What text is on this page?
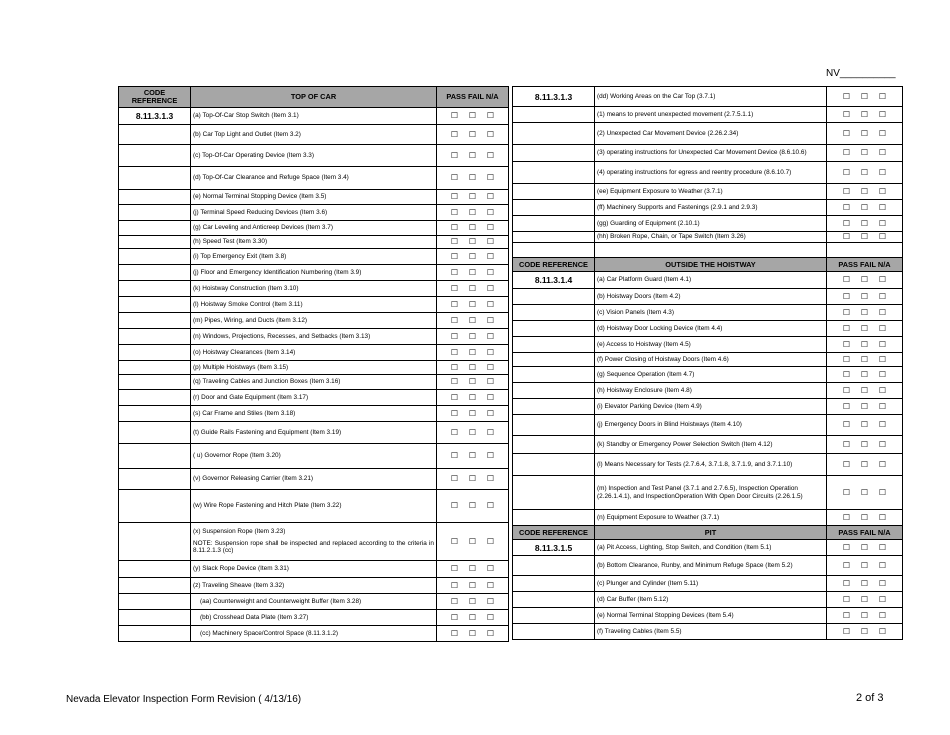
NV__________
CODE REFERENCE	TOP OF CAR	PASS FAIL N/A
8.11.3.1.3	(a) Top-Of-Car Stop Switch (Item 3.1)	☐ ☐ ☐
	(b) Car Top Light and Outlet (Item 3.2)	☐ ☐ ☐
	(c) Top-Of-Car Operating Device (Item 3.3)	☐ ☐ ☐
	(d) Top-Of-Car Clearance and Refuge Space (Item 3.4)	☐ ☐ ☐
	(e) Normal Terminal Stopping Device (Item 3.5)	☐ ☐ ☐
	(j) Terminal Speed Reducing Devices (Item 3.6)	☐ ☐ ☐
	(g) Car Leveling and Anticreep Devices (Item 3.7)	☐ ☐ ☐
	(h) Speed Test (Item 3.30)	☐ ☐ ☐
	(i) Top Emergency Exit (Item 3.8)	☐ ☐ ☐
	(j) Floor and Emergency Identification Numbering (Item 3.9)	☐ ☐ ☐
	(k) Hoistway Construction (Item 3.10)	☐ ☐ ☐
	(l) Hoistway Smoke Control (Item 3.11)	☐ ☐ ☐
	(m) Pipes, Wiring, and Ducts (Item 3.12)	☐ ☐ ☐
	(n) Windows, Projections, Recesses, and Setbacks (Item 3.13)	☐ ☐ ☐
	(o) Hoistway Clearances (Item 3.14)	☐ ☐ ☐
	(p) Multiple Hoistways (Item 3.15)	☐ ☐ ☐
	(q) Traveling Cables and Junction Boxes (Item 3.16)	☐ ☐ ☐
	(r) Door and Gate Equipment (Item 3.17)	☐ ☐ ☐
	(s) Car Frame and Stiles (Item 3.18)	☐ ☐ ☐
	(t) Guide Rails Fastening and Equipment (Item 3.19)	☐ ☐ ☐
	( u) Governor Rope (Item 3.20)	☐ ☐ ☐
	(v) Governor Releasing Carrier (Item 3.21)	☐ ☐ ☐
	(w) Wire Rope Fastening and Hitch Plate (Item 3.22)	☐ ☐ ☐

	(x) Suspension Rope (Item 3.23)
NOTE: Suspension rope shall be inspected and replaced according to the criteria in 8.11.2.1.3 (cc)	☐ ☐ ☐
	(y) Slack Rope Device (Item 3.31)	☐ ☐ ☐
	(z) Traveling Sheave (Item 3.32)	☐ ☐ ☐
	(aa) Counterweight and Counterweight Buffer (Item 3.28)	☐ ☐ ☐
	(bb) Crosshead Data Plate (Item 3.27)	☐ ☐ ☐
	(cc) Machinery Space/Control Space (8.11.3.1.2)	☐ ☐ ☐
8.11.3.1.3	(dd) Working Areas on the Car Top (3.7.1)	☐ ☐ ☐
	(1) means to prevent unexpected movement (2.7.5.1.1)	☐ ☐ ☐
	(2) Unexpected Car Movement Device (2.26.2.34)	☐ ☐ ☐
	(3) operating instructions for Unexpected Car Movement Device (8.6.10.6)	☐ ☐ ☐
	(4) operating instructions for egress and reentry procedure (8.6.10.7)	☐ ☐ ☐
	(ee) Equipment Exposure to Weather (3.7.1)	☐ ☐ ☐
	(ff) Machinery Supports and Fastenings (2.9.1 and 2.9.3)	☐ ☐ ☐
	(gg) Guarding of Equipment (2.10.1)	☐ ☐ ☐
	(hh) Broken Rope, Chain, or Tape Switch (Item 3.26)	☐ ☐ ☐

CODE REFERENCE	OUTSIDE THE HOISTWAY	PASS FAIL N/A
8.11.3.1.4	(a) Car Platform Guard (Item 4.1)	☐ ☐ ☐
	(b) Hoistway Doors (Item 4.2)	☐ ☐ ☐
	(c) Vision Panels (Item 4.3)	☐ ☐ ☐
	(d) Hoistway Door Locking Device (Item 4.4)	☐ ☐ ☐
	(e) Access to Hoistway (Item 4.5)	☐ ☐ ☐
	(f) Power Closing of Hoistway Doors (Item 4.6)	☐ ☐ ☐
	(g) Sequence Operation (Item 4.7)	☐ ☐ ☐
	(h) Hoistway Enclosure (Item 4.8)	☐ ☐ ☐
	(i) Elevator Parking Device (Item 4.9)	☐ ☐ ☐
	(j) Emergency Doors in Blind Hoistways (Item 4.10)	☐ ☐ ☐
	(k) Standby or Emergency Power Selection Switch (Item 4.12)	☐ ☐ ☐
	(l) Means Necessary for Tests (2.7.6.4, 3.7.1.8, 3.7.1.9, and 3.7.1.10)	☐ ☐ ☐
	(m) Inspection and Test Panel (3.7.1 and 2.7.6.5), Inspection Operation (2.26.1.4.1), and InspectionOperation With Open Door Circuits (2.26.1.5)	☐ ☐ ☐
	(n) Equipment Exposure to Weather (3.7.1)	☐ ☐ ☐
CODE REFERENCE	PIT	PASS FAIL N/A
8.11.3.1.5	(a) Pit Access, Lighting, Stop Switch, and Condition (Item 5.1)	☐ ☐ ☐
	(b) Bottom Clearance, Runby, and Minimum Refuge Space (Item 5.2)	☐ ☐ ☐
	(c) Plunger and Cylinder (Item 5.11)	☐ ☐ ☐
	(d) Car Buffer (Item 5.12)	☐ ☐ ☐
	(e) Normal Terminal Stopping Devices (Item 5.4)	☐ ☐ ☐
	(f) Traveling Cables (Item 5.5)	☐ ☐ ☐
Nevada Elevator Inspection Form Revision ( 4/13/16)	2 of 3
